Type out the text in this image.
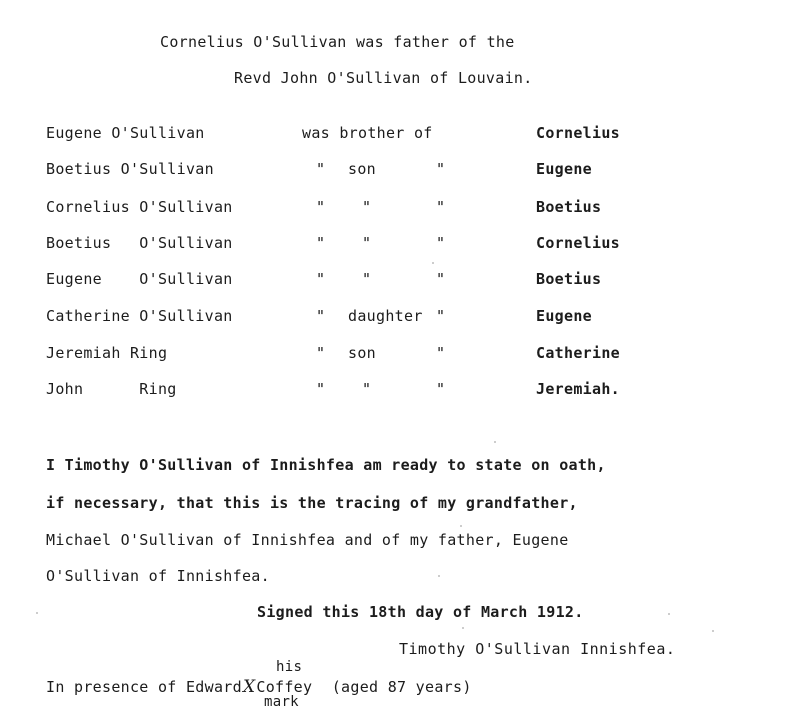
Cornelius O'Sullivan was father of the
Revd John O'Sullivan of Louvain.
Eugene O'Sullivan	was brother of	Cornelius
Boetius O'Sullivan	" son	"	Eugene
Cornelius O'Sullivan	" "	"	Boetius
Boetius   O'Sullivan	" "	"	Cornelius
Eugene    O'Sullivan	" "	"	Boetius
Catherine O'Sullivan	" daughter "	Eugene
Jeremiah Ring	" son	"	Catherine
John      Ring	" "	"	Jeremiah.
I Timothy O'Sullivan of Innishfea am ready to state on oath,
if necessary, that this is the tracing of my grandfather,
Michael O'Sullivan of Innishfea and of my father, Eugene
O'Sullivan of Innishfea.
Signed this 18th day of March 1912.
Timothy O'Sullivan Innishfea.
his
In presence of EdwardXCoffey (aged 87 years)
mark
